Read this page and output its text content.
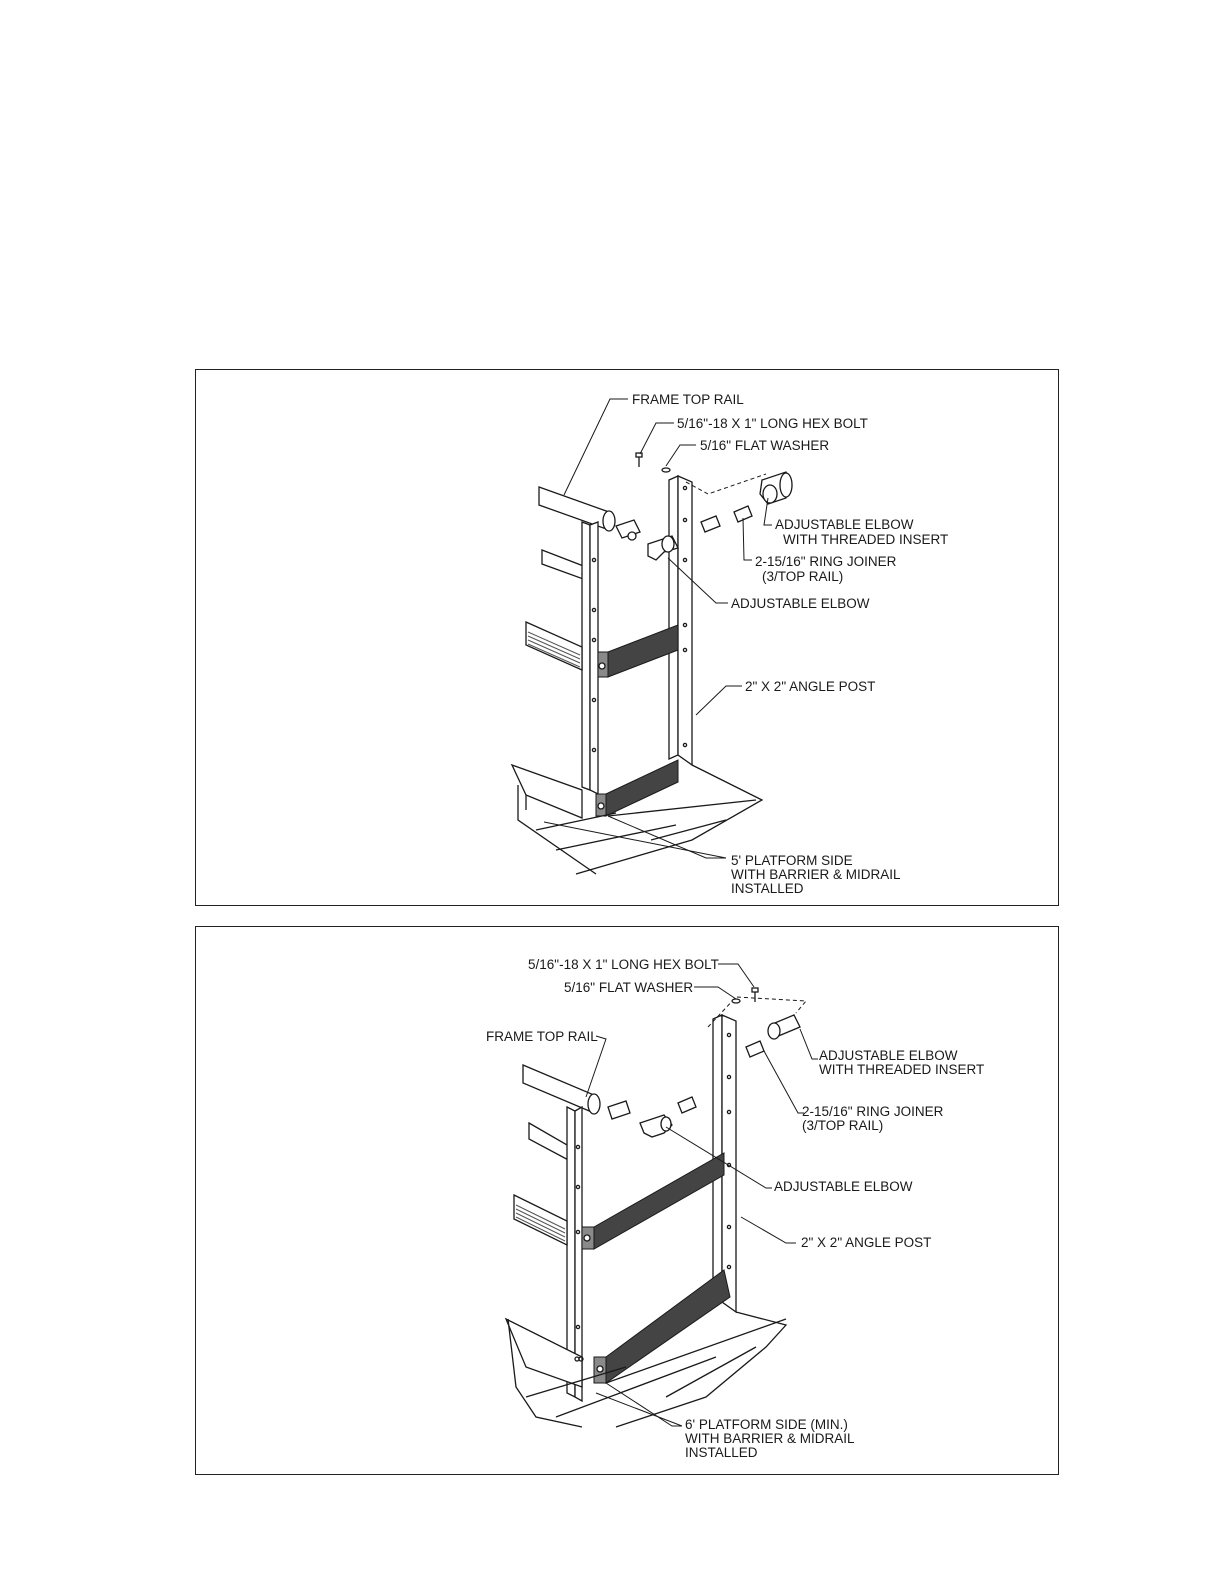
FRAME TOP RAIL
5/16"-18 X 1" LONG HEX BOLT
5/16" FLAT WASHER
ADJUSTABLE ELBOW
WITH THREADED INSERT
2-15/16" RING JOINER
(3/TOP RAIL)
ADJUSTABLE ELBOW
2" X 2" ANGLE POST
5' PLATFORM SIDE
WITH BARRIER & MIDRAIL
INSTALLED
5/16"-18 X 1" LONG HEX BOLT
5/16" FLAT WASHER
FRAME TOP RAIL
ADJUSTABLE ELBOW
WITH THREADED INSERT
2-15/16" RING JOINER
(3/TOP RAIL)
ADJUSTABLE ELBOW
2" X 2" ANGLE POST
6' PLATFORM SIDE (MIN.)
WITH BARRIER & MIDRAIL
INSTALLED
